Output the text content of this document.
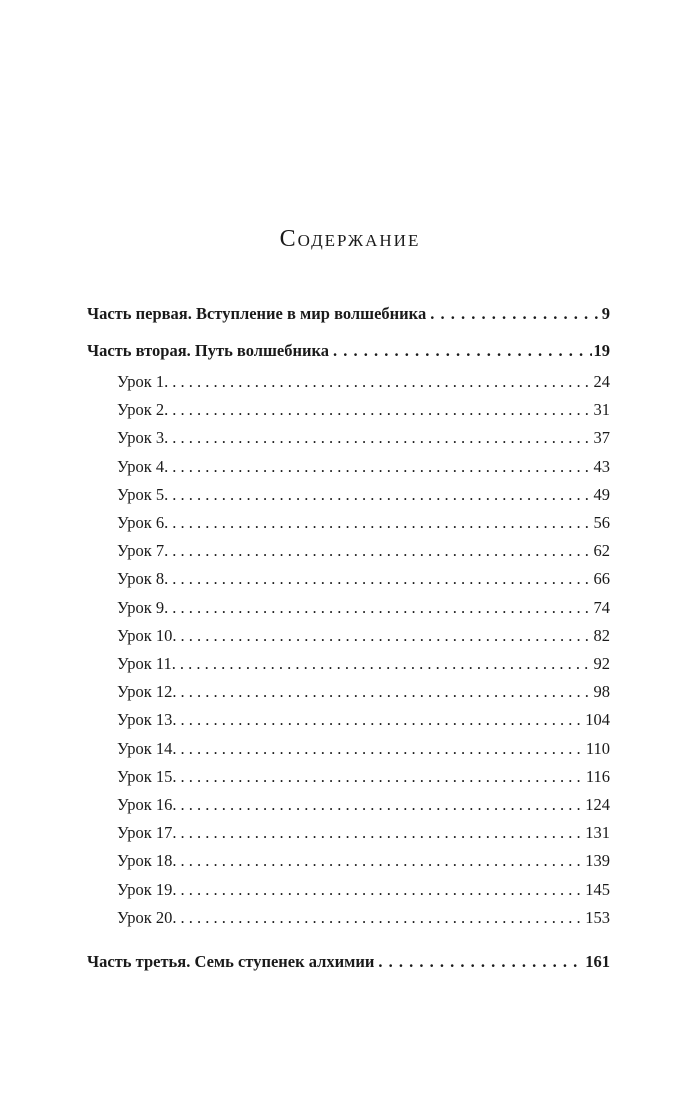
Содержание
Часть первая. Вступление в мир волшебника . . .	9
Часть вторая. Путь волшебника . . .	19
Урок 1. . . .	24
Урок 2. . . .	31
Урок 3. . . .	37
Урок 4. . . .	43
Урок 5. . . .	49
Урок 6. . . .	56
Урок 7. . . .	62
Урок 8. . . .	66
Урок 9. . . .	74
Урок 10. . . .	82
Урок 11. . . .	92
Урок 12. . . .	98
Урок 13. . . .	104
Урок 14. . . .	110
Урок 15. . . .	116
Урок 16. . . .	124
Урок 17. . . .	131
Урок 18. . . .	139
Урок 19. . . .	145
Урок 20. . . .	153
Часть третья. Семь ступенек алхимии . . .	161
